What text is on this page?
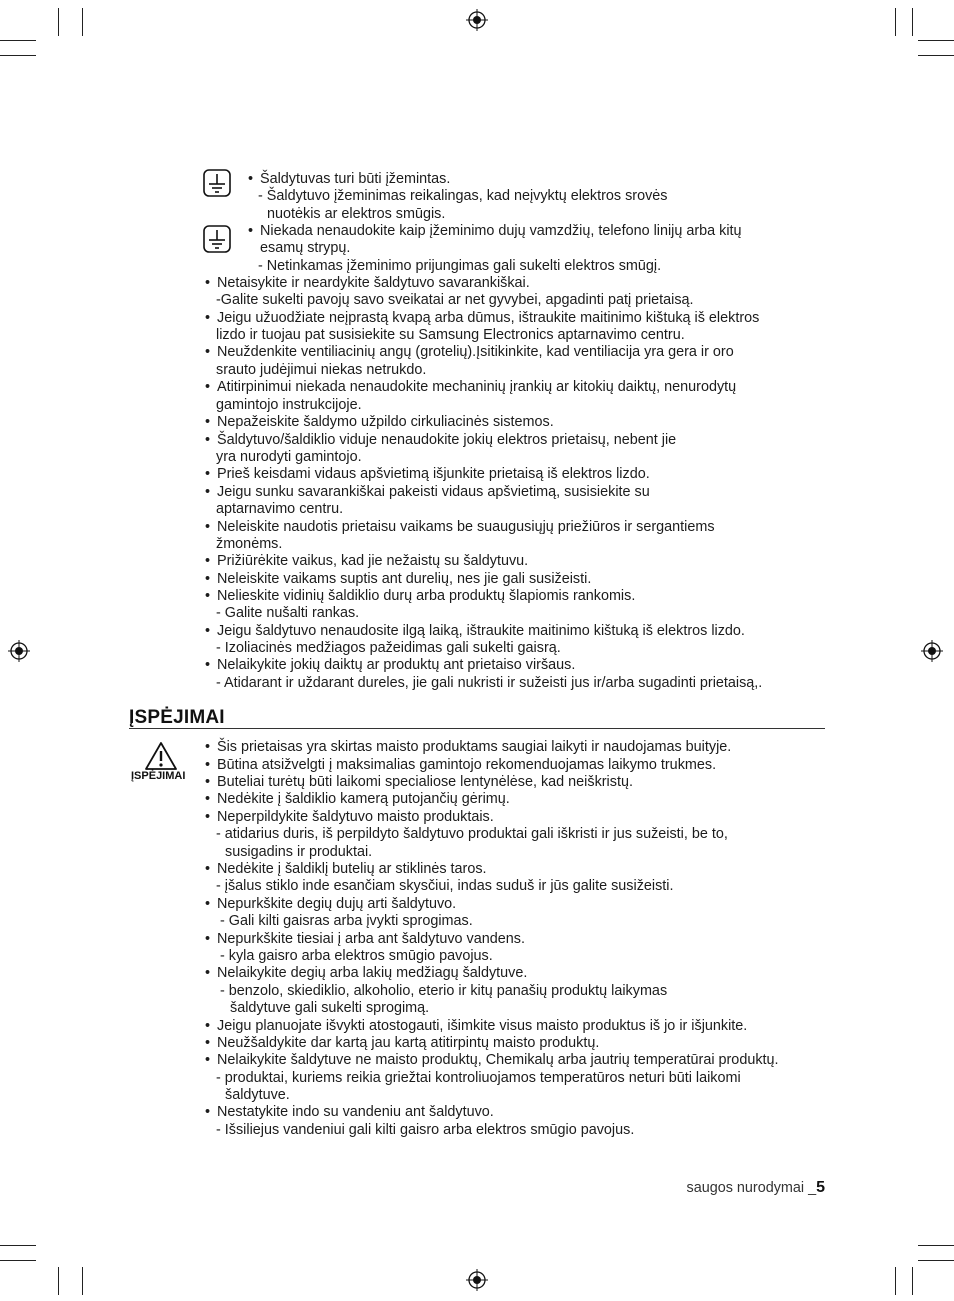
• Šaldytuvas turi būti įžemintas.
- Šaldytuvo įžeminimas reikalingas, kad neįvyktų elektros srovės
nuotėkis ar elektros smūgis.
• Niekada nenaudokite kaip įžeminimo dujų vamzdžių, telefono linijų arba kitų
esamų strypų.
- Netinkamas įžeminimo prijungimas gali sukelti elektros smūgį.
• Netaisykite ir neardykite šaldytuvo savarankiškai.
-Galite sukelti pavojų savo sveikatai ar net gyvybei, apgadinti patį prietaisą.
• Jeigu užuodžiate neįprastą kvapą arba dūmus, ištraukite maitinimo kištuką iš elektros
lizdo ir tuojau pat susisiekite su Samsung Electronics aptarnavimo centru.
• Neuždenkite ventiliacinių angų (grotelių).Įsitikinkite, kad ventiliacija yra gera ir oro
srauto judėjimui niekas netrukdo.
• Atitirpinimui niekada nenaudokite mechaninių įrankių ar kitokių daiktų, nenurodytų
gamintojo instrukcijoje.
• Nepažeiskite šaldymo užpildo cirkuliacinės sistemos.
• Šaldytuvo/šaldiklio viduje nenaudokite jokių elektros prietaisų, nebent jie
yra nurodyti gamintojo.
• Prieš keisdami vidaus apšvietimą išjunkite prietaisą iš elektros lizdo.
• Jeigu sunku savarankiškai pakeisti vidaus apšvietimą, susisiekite su
aptarnavimo centru.
• Neleiskite naudotis prietaisu vaikams be suaugusiųjų priežiūros ir sergantiems
žmonėms.
• Prižiūrėkite vaikus, kad jie nežaistų su šaldytuvu.
• Neleiskite vaikams suptis ant durelių, nes jie gali susižeisti.
• Nelieskite vidinių šaldiklio durų arba produktų šlapiomis rankomis.
- Galite nušalti rankas.
• Jeigu šaldytuvo nenaudosite ilgą laiką, ištraukite maitinimo kištuką iš elektros lizdo.
- Izoliacinės medžiagos pažeidimas gali sukelti gaisrą.
• Nelaikykite jokių daiktų ar produktų ant prietaiso viršaus.
- Atidarant ir uždarant dureles, jie gali nukristi ir sužeisti jus ir/arba sugadinti prietaisą,.
ĮSPĖJIMAI
ĮSPĖJIMAI
• Šis prietaisas yra skirtas maisto produktams saugiai laikyti ir naudojamas buityje.
• Būtina atsižvelgti į maksimalias gamintojo rekomenduojamas laikymo trukmes.
• Buteliai turėtų būti laikomi specialiose lentynėlėse, kad neiškristų.
• Nedėkite į šaldiklio kamerą putojančių gėrimų.
• Neperpildykite šaldytuvo maisto produktais.
- atidarius duris, iš perpildyto šaldytuvo produktai gali iškristi ir jus sužeisti, be to,
susigadins ir produktai.
• Nedėkite į šaldiklį butelių ar stiklinės taros.
- įšalus stiklo inde esančiam skysčiui, indas suduš ir jūs galite susižeisti.
• Nepurkškite degių dujų arti šaldytuvo.
- Gali kilti gaisras arba įvykti sprogimas.
• Nepurkškite tiesiai į arba ant šaldytuvo vandens.
- kyla gaisro arba elektros smūgio pavojus.
• Nelaikykite degių arba lakių medžiagų šaldytuve.
- benzolo, skiediklio, alkoholio, eterio ir kitų panašių produktų laikymas
šaldytuve gali sukelti sprogimą.
• Jeigu planuojate išvykti atostogauti, išimkite visus maisto produktus iš jo ir išjunkite.
• Neužšaldykite dar kartą jau kartą atitirpintų maisto produktų.
• Nelaikykite šaldytuve ne maisto produktų, Chemikalų arba jautrių temperatūrai produktų.
- produktai, kuriems reikia griežtai kontroliuojamos temperatūros neturi būti laikomi
šaldytuve.
• Nestatykite indo su vandeniu ant šaldytuvo.
- Išsiliejus vandeniui gali kilti gaisro arba elektros smūgio pavojus.
saugos nurodymai _5
